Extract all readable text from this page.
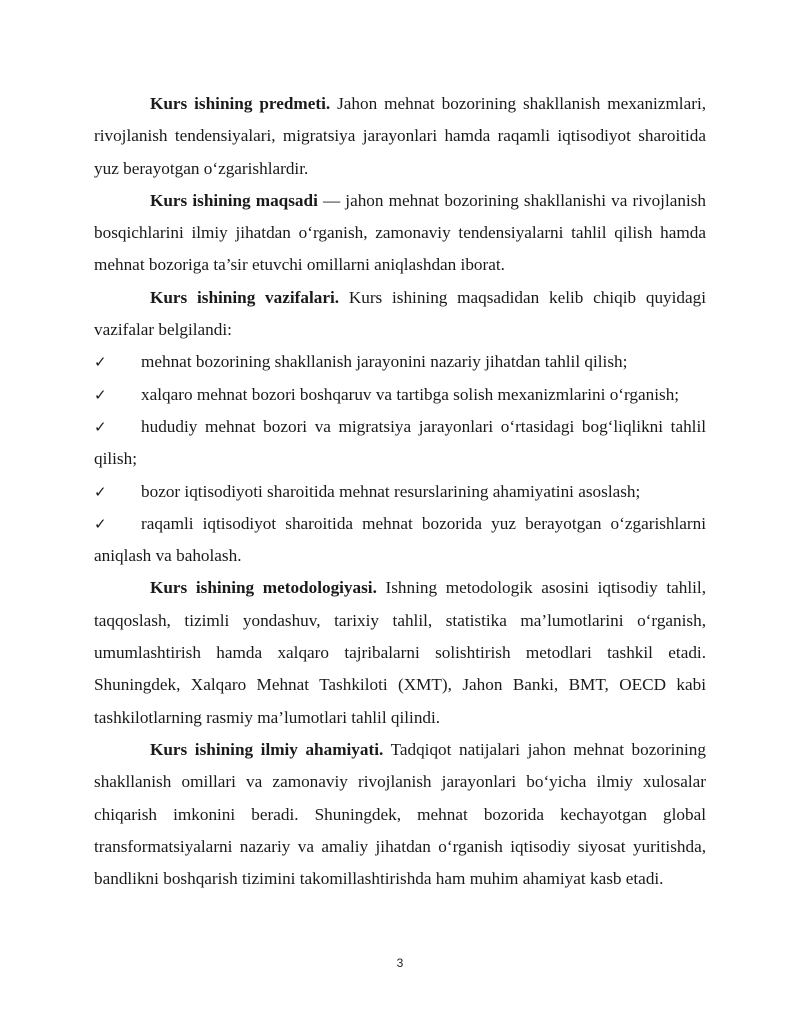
Kurs ishining predmeti. Jahon mehnat bozorining shakllanish mexanizmlari, rivojlanish tendensiyalari, migratsiya jarayonlari hamda raqamli iqtisodiyot sharoitida yuz berayotgan o‘zgarishlardir.

Kurs ishining maqsadi — jahon mehnat bozorining shakllanishi va rivojlanish bosqichlarini ilmiy jihatdan o‘rganish, zamonaviy tendensiyalarni tahlil qilish hamda mehnat bozoriga ta’sir etuvchi omillarni aniqlashdan iborat.

Kurs ishining vazifalari. Kurs ishining maqsadidan kelib chiqib quyidagi vazifalar belgilandi:

✓ mehnat bozorining shakllanish jarayonini nazariy jihatdan tahlil qilish;

✓ xalqaro mehnat bozori boshqaruv va tartibga solish mexanizmlarini o‘rganish;

✓ hududiy mehnat bozori va migratsiya jarayonlari o‘rtasidagi bog‘liqlikni tahlil qilish;

✓ bozor iqtisodiyoti sharoitida mehnat resurslarining ahamiyatini asoslash;

✓ raqamli iqtisodiyot sharoitida mehnat bozorida yuz berayotgan o‘zgarishlarni aniqlash va baholash.

Kurs ishining metodologiyasi. Ishning metodologik asosini iqtisodiy tahlil, taqqoslash, tizimli yondashuv, tarixiy tahlil, statistika ma’lumotlarini o‘rganish, umumlashtirish hamda xalqaro tajribalarni solishtirish metodlari tashkil etadi. Shuningdek, Xalqaro Mehnat Tashkiloti (XMT), Jahon Banki, BMT, OECD kabi tashkilotlarning rasmiy ma’lumotlari tahlil qilindi.

Kurs ishining ilmiy ahamiyati. Tadqiqot natijalari jahon mehnat bozorining shakllanish omillari va zamonaviy rivojlanish jarayonlari bo‘yicha ilmiy xulosalar chiqarish imkonini beradi. Shuningdek, mehnat bozorida kechayotgan global transformatsiyalarni nazariy va amaliy jihatdan o‘rganish iqtisodiy siyosat yuritishda, bandlikni boshqarish tizimini takomillashtirishda ham muhim ahamiyat kasb etadi.

3
